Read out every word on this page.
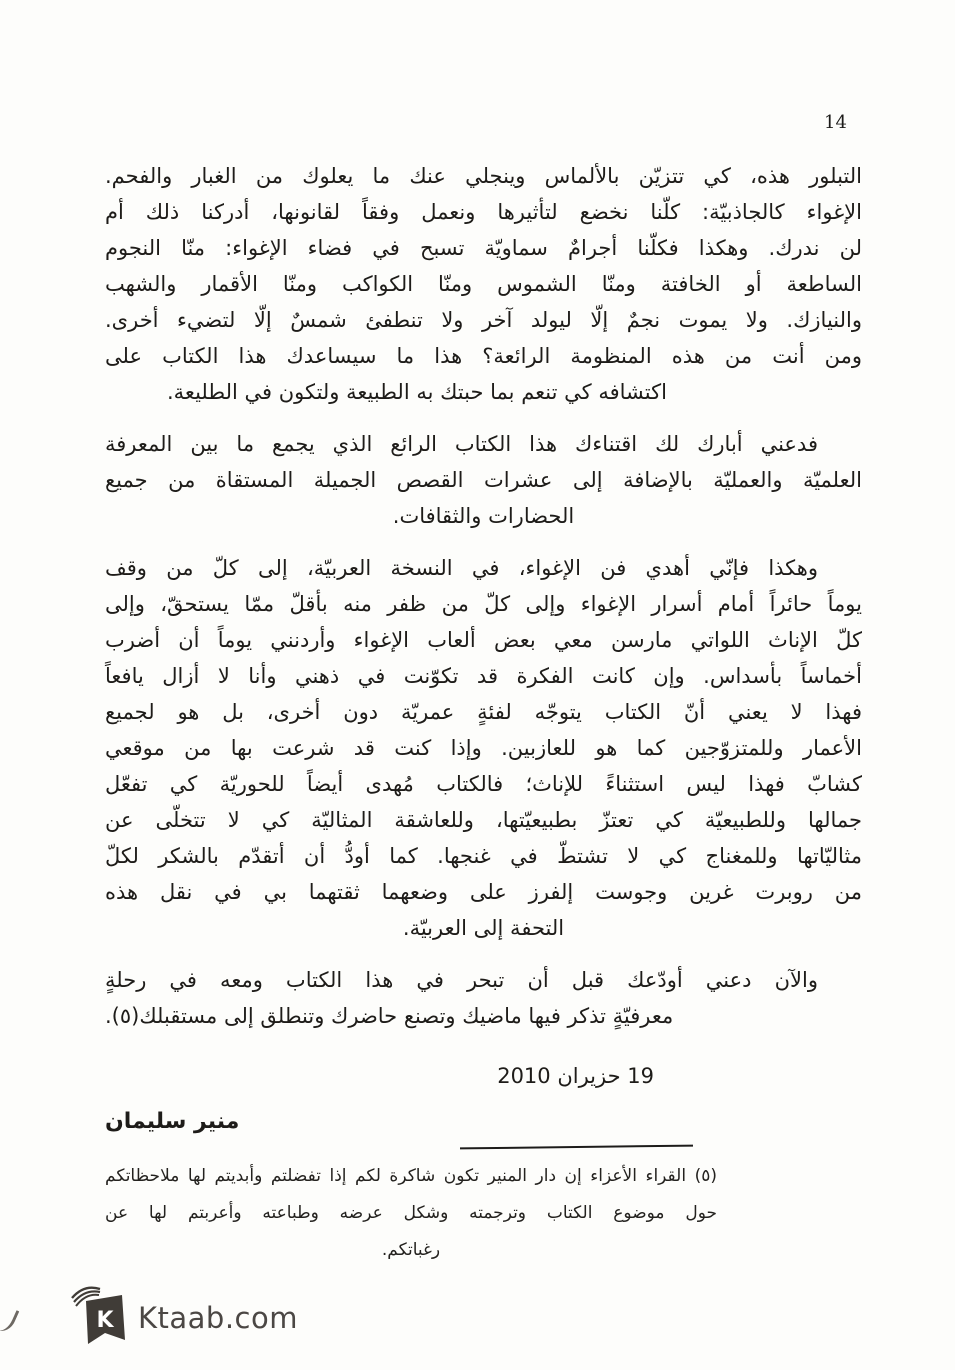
14
التبلور هذه، كي تتزيّن بالألماس وينجلي عنك ما يعلوك من الغبار والفحم.
الإغواء كالجاذبيّة: كلّنا نخضع لتأثيرها ونعمل وفقاً لقانونها، أدركنا ذلك أم
لن ندرك. وهكذا فكلّنا أجرامٌ سماويّة تسبح في فضاء الإغواء: منّا النجوم
الساطعة أو الخافتة ومنّا الشموس ومنّا الكواكب ومنّا الأقمار والشهب
والنيازك. ولا يموت نجمٌ إلّا ليولد آخر ولا تنطفئ شمسٌ إلّا لتضيء أخرى.
ومن أنت من هذه المنظومة الرائعة؟ هذا ما سيساعدك هذا الكتاب على
اكتشافه كي تنعم بما حبتك به الطبيعة ولتكون في الطليعة.
فدعني أبارك لك اقتناءك هذا الكتاب الرائع الذي يجمع ما بين المعرفة
العلميّة والعمليّة بالإضافة إلى عشرات القصص الجميلة المستقاة من جميع
الحضارات والثقافات.
وهكذا فإنّي أهدي فن الإغواء، في النسخة العربيّة، إلى كلّ من وقف
يوماً حائراً أمام أسرار الإغواء وإلى كلّ من ظفر منه بأقلّ ممّا يستحقّ، وإلى
كلّ الإناث اللواتي مارسن معي بعض ألعاب الإغواء وأردنني يوماً أن أضرب
أخماساً بأسداس. وإن كانت الفكرة قد تكوّنت في ذهني وأنا لا أزال يافعاً
فهذا لا يعني أنّ الكتاب يتوجّه لفئةٍ عمريّة دون أخرى، بل هو لجميع
الأعمار وللمتزوّجين كما هو للعازبين. وإذا كنت قد شرعت بها من موقعي
كشابّ فهذا ليس استثناءً للإناث؛ فالكتاب مُهدى أيضاً للحوريّة كي تفعّل
جمالها وللطبيعيّة كي تعتزّ بطبيعيّتها، وللعاشقة المثاليّة كي لا تتخلّى عن
مثاليّاتها وللمغناج كي لا تشتطّ في غنجها. كما أودُّ أن أتقدّم بالشكر لكلّ
من روبرت غرين وجوست إلفرز على وضعهما ثقتهما بي في نقل هذه
التحفة إلى العربيّة.
والآن دعني أودّعك قبل أن تبحر في هذا الكتاب ومعه في رحلةٍ
معرفيّةٍ تذكر فيها ماضيك وتصنع حاضرك وتنطلق إلى مستقبلك(٥).
19 حزيران 2010
منير سليمان
(٥) القراء الأعزاء إن دار المنير تكون شاكرة لكم إذا تفضلتم وأبديتم لها ملاحظاتكم
حول موضوع الكتاب وترجمته وشكل عرضه وطباعته وأعربتم لها عن
رغباتكم.
K Ktaab.com
